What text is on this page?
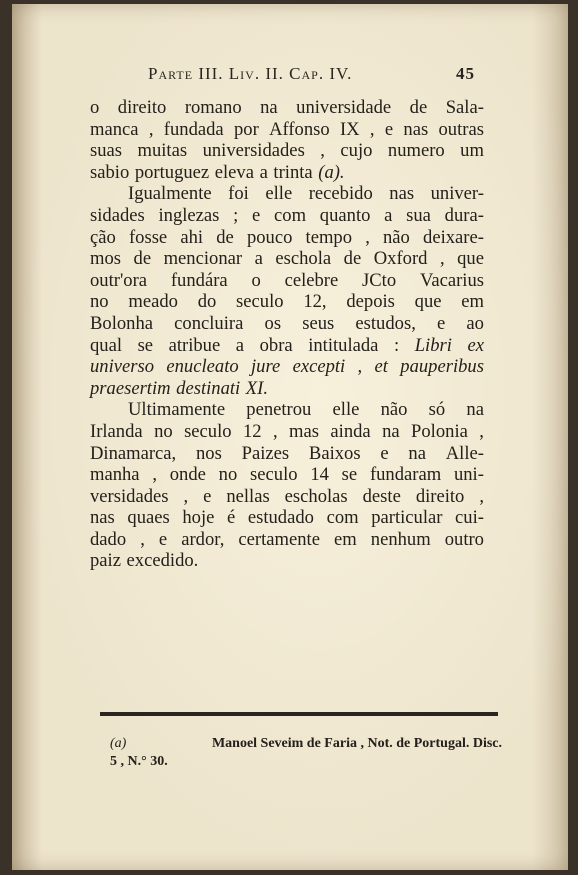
Parte III. Liv. II. Cap. IV.	45
o direito romano na universidade de Sala-
manca , fundada por Affonso IX , e nas outras
suas muitas universidades , cujo numero um
sabio portuguez eleva a trinta (a).
Igualmente foi elle recebido nas univer-
sidades inglezas ; e com quanto a sua dura-
ção fosse ahi de pouco tempo , não deixare-
mos de mencionar a eschola de Oxford , que
outr'ora fundára o celebre JCto Vacarius
no meado do seculo 12, depois que em
Bolonha concluira os seus estudos, e ao
qual se atribue a obra intitulada : Libri ex
universo enucleato jure excepti , et pauperibus
praesertim destinati XI.
Ultimamente penetrou elle não só na
Irlanda no seculo 12 , mas ainda na Polonia ,
Dinamarca, nos Paizes Baixos e na Alle-
manha , onde no seculo 14 se fundaram uni-
versidades , e nellas escholas deste direito ,
nas quaes hoje é estudado com particular cui-
dado , e ardor, certamente em nenhum outro
paiz excedido.
(a)	Manoel Seveim de Faria , Not. de Portugal. Disc.
5 , N.° 30.
